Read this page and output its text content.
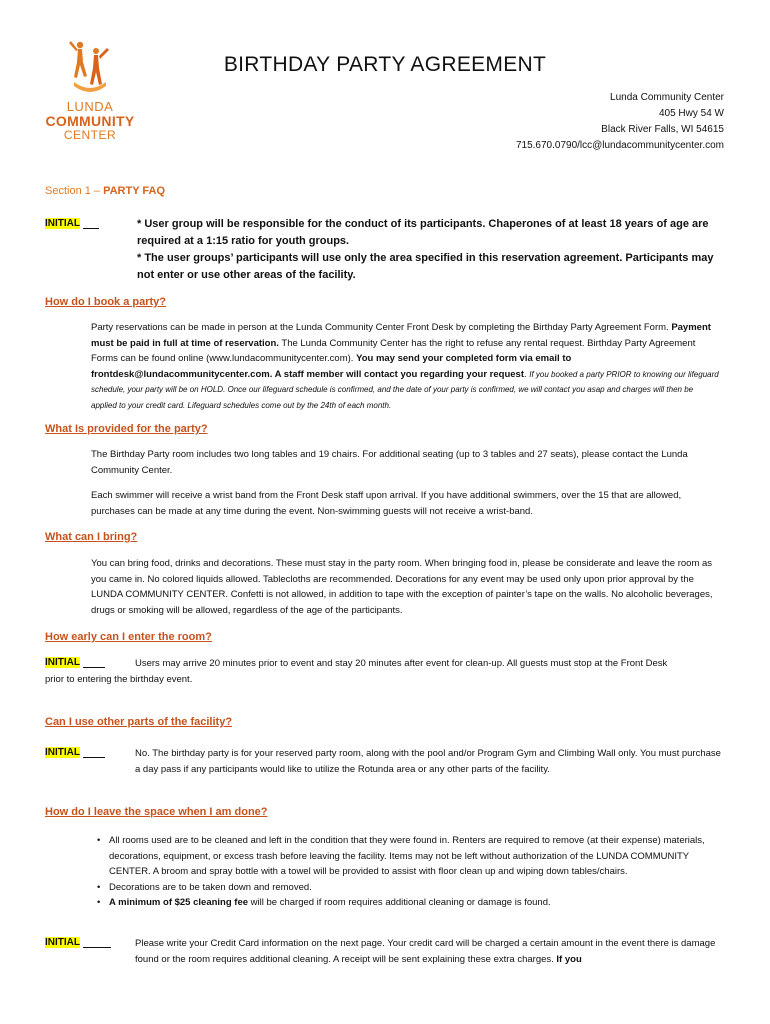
LUNDA
COMMUNITY
CENTER
BIRTHDAY PARTY AGREEMENT
Lunda Community Center
405 Hwy 54 W
Black River Falls, WI 54615
715.670.0790/lcc@lundacommunitycenter.com
Section 1 – PARTY FAQ
INITIAL	* User group will be responsible for the conduct of its participants. Chaperones of at least 18 years of age are required at a 1:15 ratio for youth groups.
* The user groups’ participants will use only the area specified in this reservation agreement. Participants may not enter or use other areas of the facility.
How do I book a party?
Party reservations can be made in person at the Lunda Community Center Front Desk by completing the Birthday Party Agreement Form. Payment must be paid in full at time of reservation. The Lunda Community Center has the right to refuse any rental request. Birthday Party Agreement Forms can be found online (www.lundacommunitycenter.com). You may send your completed form via email to frontdesk@lundacommunitycenter.com. A staff member will contact you regarding your request. If you booked a party PRIOR to knowing our lifeguard schedule, your party will be on HOLD. Once our lifeguard schedule is confirmed, and the date of your party is confirmed, we will contact you asap and charges will then be applied to your credit card. Lifeguard schedules come out by the 24th of each month.
What Is provided for the party?
The Birthday Party room includes two long tables and 19 chairs. For additional seating (up to 3 tables and 27 seats), please contact the Lunda Community Center.
Each swimmer will receive a wrist band from the Front Desk staff upon arrival. If you have additional swimmers, over the 15 that are allowed, purchases can be made at any time during the event. Non-swimming guests will not receive a wrist-band.
What can I bring?
You can bring food, drinks and decorations. These must stay in the party room. When bringing food in, please be considerate and leave the room as you came in. No colored liquids allowed. Tablecloths are recommended. Decorations for any event may be used only upon prior approval by the LUNDA COMMUNITY CENTER. Confetti is not allowed, in addition to tape with the exception of painter’s tape on the walls. No alcoholic beverages, drugs or smoking will be allowed, regardless of the age of the participants.
How early can I enter the room?
INITIAL	Users may arrive 20 minutes prior to event and stay 20 minutes after event for clean-up. All guests must stop at the Front Desk
prior to entering the birthday event.
Can I use other parts of the facility?
INITIAL	No. The birthday party is for your reserved party room, along with the pool and/or Program Gym and Climbing Wall only. You must purchase a day pass if any participants would like to utilize the Rotunda area or any other parts of the facility.
How do I leave the space when I am done?
• All rooms used are to be cleaned and left in the condition that they were found in. Renters are required to remove (at their expense) materials, decorations, equipment, or excess trash before leaving the facility. Items may not be left without authorization of the LUNDA COMMUNITY CENTER. A broom and spray bottle with a towel will be provided to assist with floor clean up and wiping down tables/chairs.
• Decorations are to be taken down and removed.
• A minimum of $25 cleaning fee will be charged if room requires additional cleaning or damage is found.
INITIAL	Please write your Credit Card information on the next page. Your credit card will be charged a certain amount in the event there is damage found or the room requires additional cleaning. A receipt will be sent explaining these extra charges. If you
